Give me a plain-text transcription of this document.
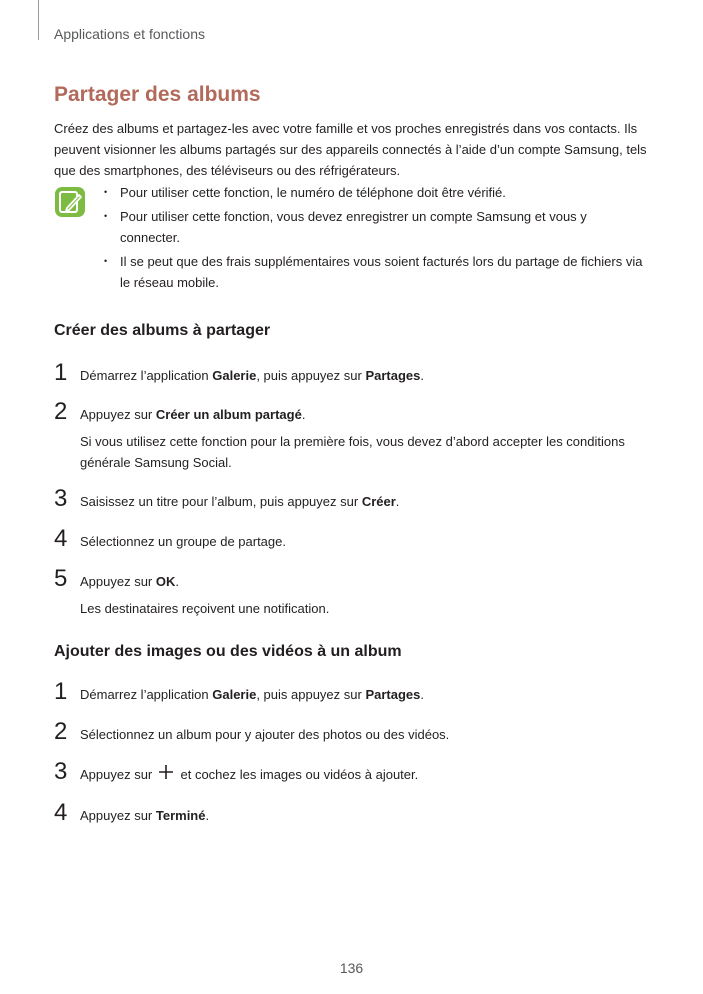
Applications et fonctions
Partager des albums
Créez des albums et partagez-les avec votre famille et vos proches enregistrés dans vos contacts. Ils peuvent visionner les albums partagés sur des appareils connectés à l’aide d’un compte Samsung, tels que des smartphones, des téléviseurs ou des réfrigérateurs.
• Pour utiliser cette fonction, le numéro de téléphone doit être vérifié.
• Pour utiliser cette fonction, vous devez enregistrer un compte Samsung et vous y connecter.
• Il se peut que des frais supplémentaires vous soient facturés lors du partage de fichiers via le réseau mobile.
Créer des albums à partager
1 Démarrez l’application Galerie, puis appuyez sur Partages.
2 Appuyez sur Créer un album partagé.
Si vous utilisez cette fonction pour la première fois, vous devez d’abord accepter les conditions générale Samsung Social.
3 Saisissez un titre pour l’album, puis appuyez sur Créer.
4 Sélectionnez un groupe de partage.
5 Appuyez sur OK.
Les destinataires reçoivent une notification.
Ajouter des images ou des vidéos à un album
1 Démarrez l’application Galerie, puis appuyez sur Partages.
2 Sélectionnez un album pour y ajouter des photos ou des vidéos.
3 Appuyez sur  et cochez les images ou vidéos à ajouter.
4 Appuyez sur Terminé.
136
